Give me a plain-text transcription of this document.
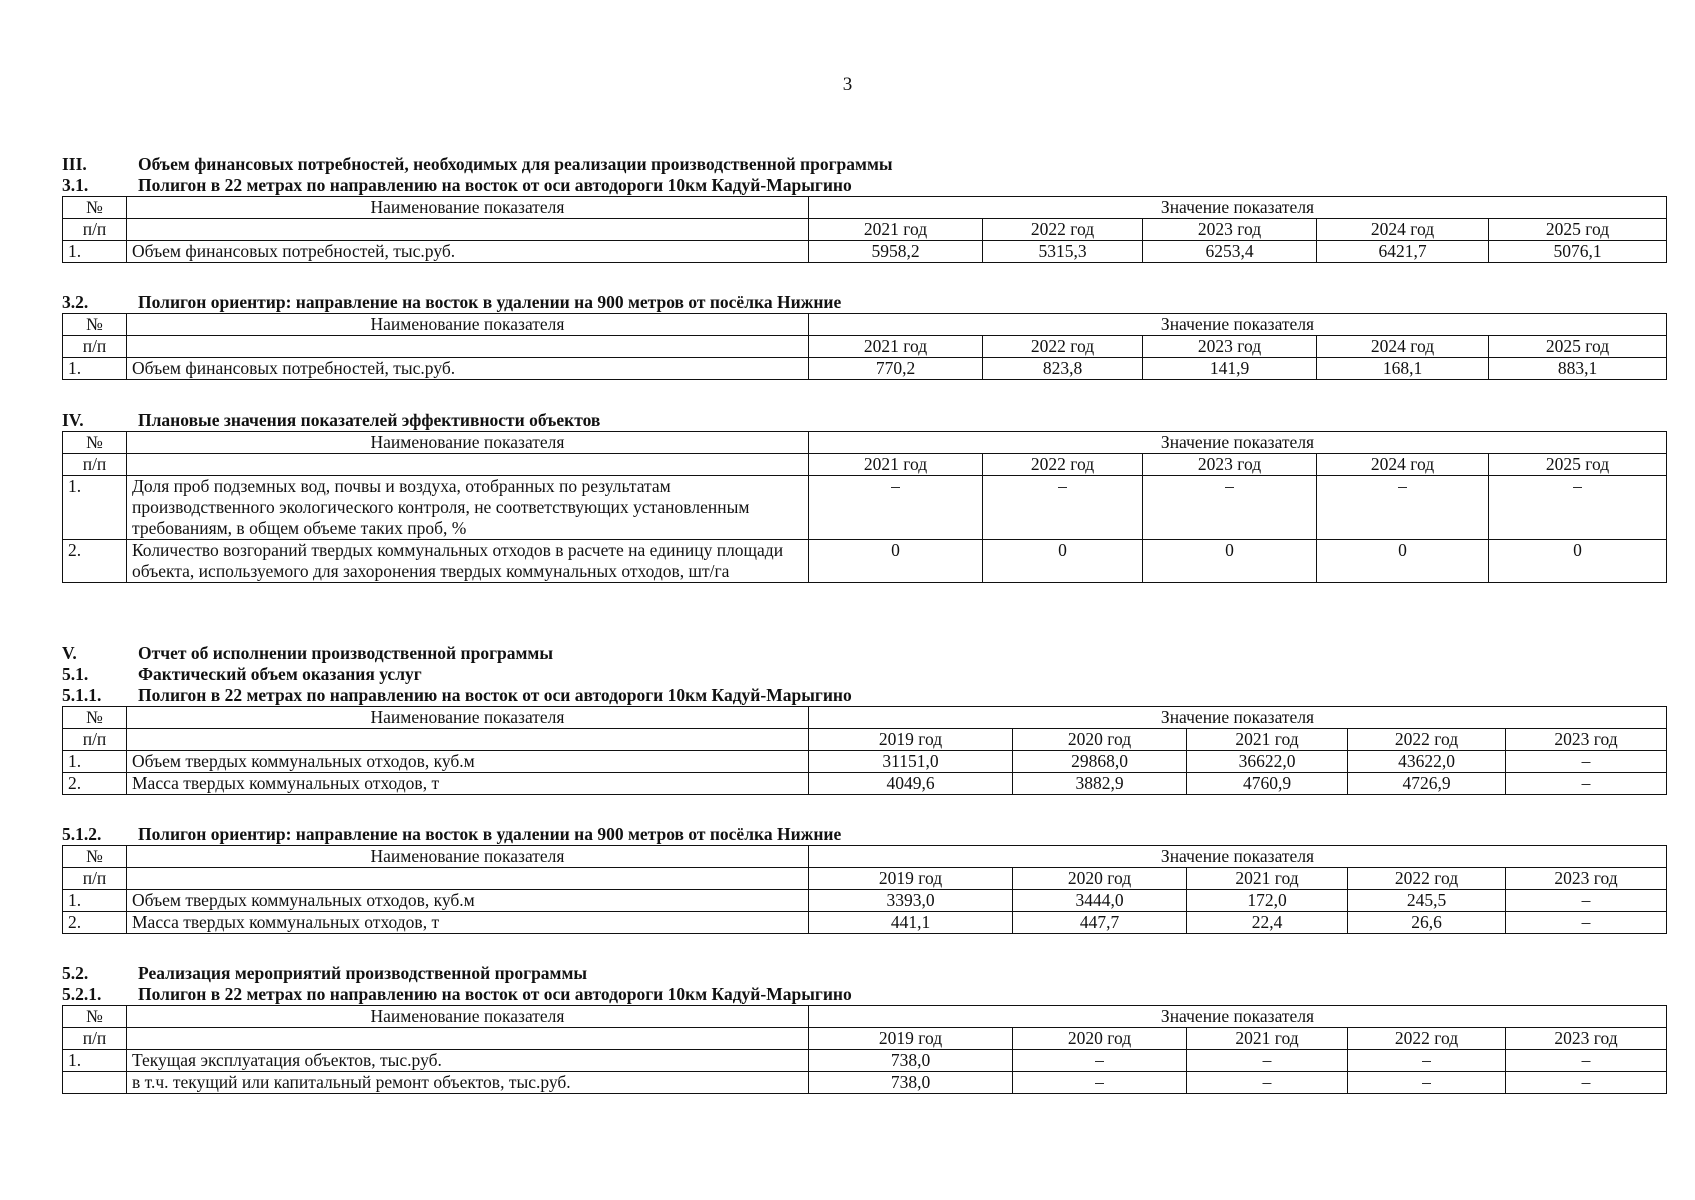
3
III.	Объем финансовых потребностей, необходимых для реализации производственной программы
3.1.	Полигон в 22 метрах по направлению на восток от оси автодороги 10км Кадуй-Марыгино
№	Наименование показателя	Значение показателя				
п/п		2021 год	2022 год	2023 год	2024 год	2025 год
1.	Объем финансовых потребностей, тыс.руб.	5958,2	5315,3	6253,4	6421,7	5076,1
3.2.	Полигон ориентир: направление на восток в удалении на 900 метров от посёлка Нижние
№	Наименование показателя	Значение показателя				
п/п		2021 год	2022 год	2023 год	2024 год	2025 год
1.	Объем финансовых потребностей, тыс.руб.	770,2	823,8	141,9	168,1	883,1
IV.	Плановые значения показателей эффективности объектов
№	Наименование показателя	Значение показателя				
п/п		2021 год	2022 год	2023 год	2024 год	2025 год
1.	Доля проб подземных вод, почвы и воздуха, отобранных по результатам производственного экологического контроля, не соответствующих установленным требованиям, в общем объеме таких проб, %	–	–	–	–	–
2.	Количество возгораний твердых коммунальных отходов в расчете на единицу площади объекта, используемого для захоронения твердых коммунальных отходов, шт/га	0	0	0	0	0
V.	Отчет об исполнении производственной программы
5.1.	Фактический объем оказания услуг
5.1.1.	Полигон в 22 метрах по направлению на восток от оси автодороги 10км Кадуй-Марыгино
№	Наименование показателя	Значение показателя				
п/п		2019 год	2020 год	2021 год	2022 год	2023 год
1.	Объем твердых коммунальных отходов, куб.м	31151,0	29868,0	36622,0	43622,0	–
2.	Масса твердых коммунальных отходов, т	4049,6	3882,9	4760,9	4726,9	–
5.1.2.	Полигон ориентир: направление на восток в удалении на 900 метров от посёлка Нижние
№	Наименование показателя	Значение показателя				
п/п		2019 год	2020 год	2021 год	2022 год	2023 год
1.	Объем твердых коммунальных отходов, куб.м	3393,0	3444,0	172,0	245,5	–
2.	Масса твердых коммунальных отходов, т	441,1	447,7	22,4	26,6	–
5.2.	Реализация мероприятий производственной программы
5.2.1.	Полигон в 22 метрах по направлению на восток от оси автодороги 10км Кадуй-Марыгино
№	Наименование показателя	Значение показателя				
п/п		2019 год	2020 год	2021 год	2022 год	2023 год
1.	Текущая эксплуатация объектов, тыс.руб.	738,0	–	–	–	–
	в т.ч. текущий или капитальный ремонт объектов, тыс.руб.	738,0	–	–	–	–
